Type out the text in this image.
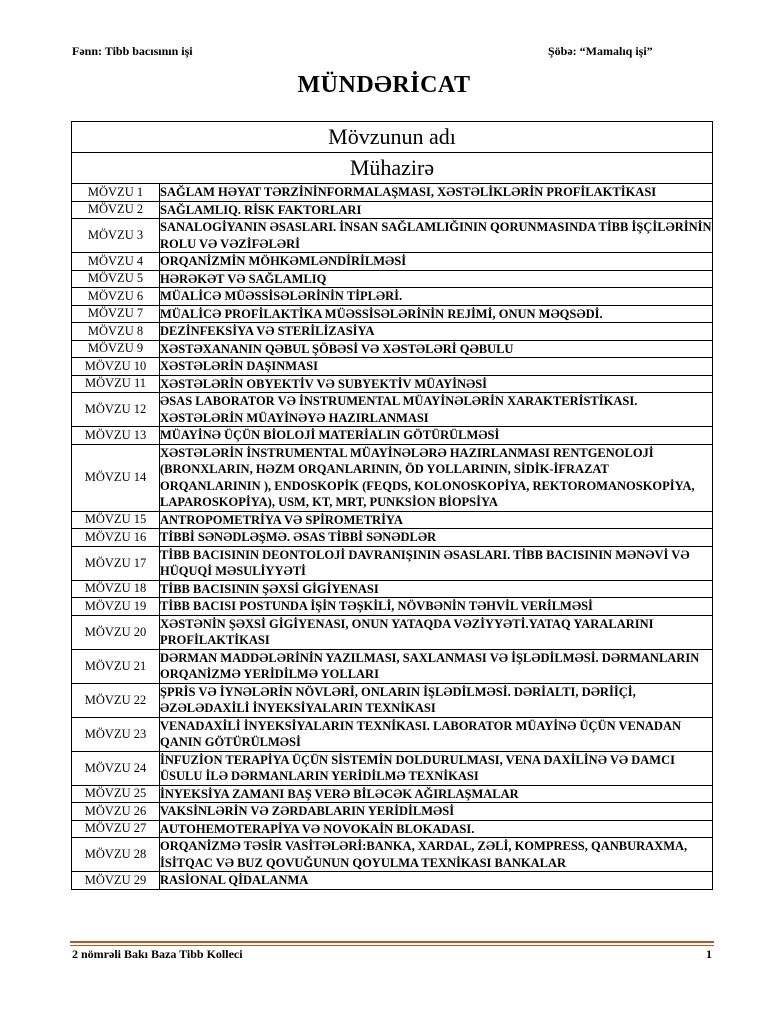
Fənn: Tibb bacısının işi	Şöbə: “Mamalıq işi”
MÜNDƏRİCAT
Mövzunun adı	
Mühazirə	
MÖVZU 1	SAĞLAM HƏYAT TƏRZİNİNFORMALAŞMASI, XƏSTƏLİKLƏRİN PROFİLAKTİKASI
MÖVZU 2	SAĞLAMLIQ. RİSK FAKTORLARI
MÖVZU 3	SANALOGİYANIN ƏSASLARI. İNSAN SAĞLAMLIĞININ QORUNMASINDA TİBB İŞÇİLƏRİNİN ROLU VƏ VƏZİFƏLƏRİ
MÖVZU 4	ORQANİZMİN MÖHKƏMLƏNDİRİLMƏSİ
MÖVZU 5	HƏRƏKƏT VƏ SAĞLAMLIQ
MÖVZU 6	MÜALİCƏ MÜƏSSİSƏLƏRİNİN TİPLƏRİ.
MÖVZU 7	MÜALİCƏ PROFİLAKTİKA MÜƏSSİSƏLƏRİNİN REJİMİ, ONUN MƏQSƏDİ.
MÖVZU 8	DEZİNFEKSİYA VƏ STERİLİZASİYA
MÖVZU 9	XƏSTƏXANANIN QƏBUL ŞÖBƏSİ VƏ XƏSTƏLƏRİ QƏBULU
MÖVZU 10	XƏSTƏLƏRİN DAŞINMASI
MÖVZU 11	XƏSTƏLƏRİN OBYEKTİV VƏ SUBYEKTİV MÜAYİNƏSİ
MÖVZU 12	ƏSAS LABORATOR VƏ İNSTRUMENTAL MÜAYİNƏLƏRİN XARAKTERİSTİKASI. XƏSTƏLƏRİN MÜAYİNƏYƏ HAZIRLANMASI
MÖVZU 13	MÜAYİNƏ ÜÇÜN BİOLOJİ MATERİALIN GÖTÜRÜLMƏSİ
MÖVZU 14	XƏSTƏLƏRİN İNSTRUMENTAL MÜAYİNƏLƏRƏ HAZIRLANMASI RENTGENOLOJİ (BRONXLARIN, HƏZM ORQANLARININ, ÖD YOLLARININ, SİDİK-İFRAZAT ORQANLARININ ), ENDOSKOPİK (FEQDS, KOLONOSKOPİYA, REKTOROMANOSKOPİYA, LAPAROSKOPİYA), USM, KT, MRT, PUNKSİON BİOPSİYA
MÖVZU 15	ANTROPOMETRİYA VƏ SPİROMETRİYA
MÖVZU 16	TİBBİ SƏNƏDLƏŞMƏ. ƏSAS TİBBİ SƏNƏDLƏR
MÖVZU 17	TİBB BACISININ DEONTOLOJİ DAVRANIŞININ ƏSASLARI. TİBB BACISININ MƏNƏVİ VƏ HÜQUQİ MƏSULİYYƏTİ
MÖVZU 18	TİBB BACISININ ŞƏXSİ GİGİYENASI
MÖVZU 19	TİBB BACISI POSTUNDA İŞİN TƏŞKİLİ, NÖVBƏNİN TƏHVİL VERİLMƏSİ
MÖVZU 20	XƏSTƏNİN ŞƏXSİ GİGİYENASI, ONUN YATAQDA VƏZİYYƏTİ.YATAQ YARALARINI PROFİLAKTİKASI
MÖVZU 21	DƏRMAN MADDƏLƏRİNİN YAZILMASI, SAXLANMASI VƏ İŞLƏDİLMƏSİ. DƏRMANLARIN ORQANİZMƏ YERİDİLMƏ YOLLARI
MÖVZU 22	ŞPRİS VƏ İYNƏLƏRİN NÖVLƏRİ, ONLARIN İŞLƏDİLMƏSİ. DƏRİALTI, DƏRİİÇİ, ƏZƏLƏDAXİLİ İNYEKSİYALARIN TEXNİKASI
MÖVZU 23	VENADAXİLİ İNYEKSİYALARIN TEXNİKASI. LABORATOR MÜAYİNƏ ÜÇÜN VENADAN QANIN GÖTÜRÜLMƏSİ
MÖVZU 24	İNFUZİON TERAPİYA ÜÇÜN SİSTEMİN DOLDURULMASI, VENA DAXİLİNƏ VƏ DAMCI ÜSULU İLƏ DƏRMANLARIN YERİDİLMƏ TEXNİKASI
MÖVZU 25	İNYEKSİYA ZAMANI BAŞ VERƏ BİLƏCƏK AĞIRLAŞMALAR
MÖVZU 26	VAKSİNLƏRİN VƏ ZƏRDABLARIN YERİDİLMƏSİ
MÖVZU 27	AUTOHEMOTERAPİYA VƏ NOVOKAİN BLOKADASI.
MÖVZU 28	ORQANİZMƏ TƏSİR VASİTƏLƏRİ:BANKA, XARDAL, ZƏLİ, KOMPRESS, QANBURAXMA, İSİTQAC VƏ BUZ QOVUĞUNUN QOYULMA TEXNİKASI BANKALAR
MÖVZU 29	RASİONAL QİDALANMA
2 nömrəli Bakı Baza Tibb Kolleci	1
